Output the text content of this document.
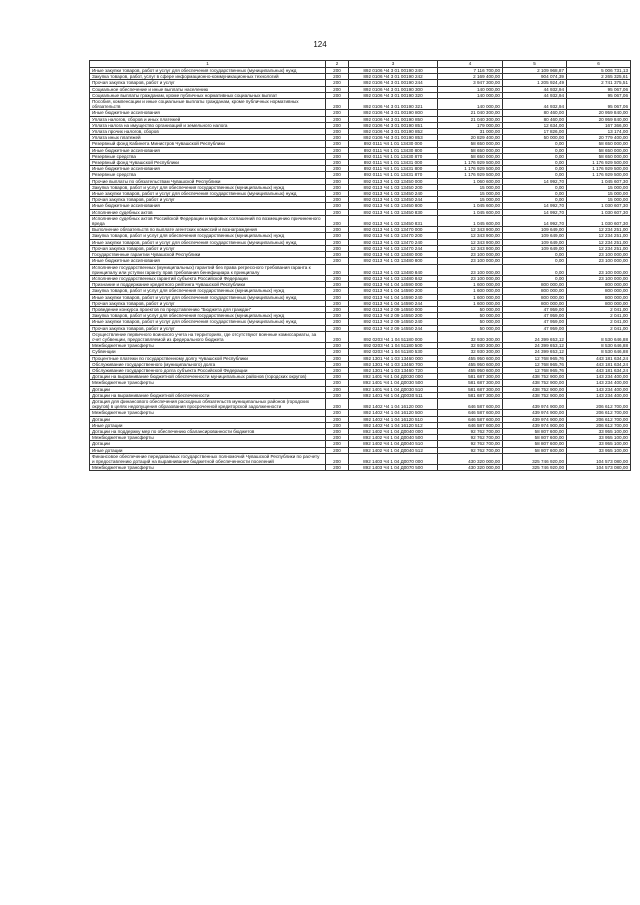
124
1	2	3	4	5	6
Иные закупки товаров, работ и услуг для обеспечения государственных (муниципальных) нужд	200	892 0106 Ч4 3 01 00190 240	7 116 700,00	2 109 968,87	5 006 731,13
Закупка товаров, работ, услуг в сфере информационно-коммуникационных технологий	200	892 0106 Ч4 3 01 00190 242	2 169 400,00	904 074,39	2 265 325,61
Прочая закупка товаров, работ и услуг	200	892 0106 Ч4 3 01 00190 244	3 947 300,00	1 205 924,49	2 741 375,51
Социальное обеспечение и иные выплаты населению	200	892 0106 Ч4 3 01 00190 300	140 000,00	44 932,94	95 067,06
Социальные выплаты гражданам, кроме публичных нормативных социальных выплат	200	892 0106 Ч4 3 01 00190 320	140 000,00	44 932,94	95 067,06
Пособия, компенсации и иные социальные выплаты гражданам, кроме публичных нормативных обязательств	200	892 0106 Ч4 3 01 00190 321	140 000,00	44 932,94	95 067,06
Иные бюджетные ассигнования	200	892 0106 Ч4 3 01 00190 800	21 040 300,00	80 460,00	20 959 840,00
Уплата налогов, сборов и иных платежей	200	892 0106 Ч4 3 01 00190 850	21 040 300,00	80 460,00	20 959 840,00
Уплата налога на имущество организаций и земельного налога	200	892 0106 Ч4 3 01 00190 851	179 000,00	12 634,00	167 366,00
Уплата прочих налогов, сборов	200	892 0106 Ч4 3 01 00190 852	31 000,00	17 826,00	13 174,00
Уплата иных платежей	200	892 0106 Ч4 3 01 00190 853	20 829 400,00	50 000,00	20 779 400,00
Резервный фонд Кабинета Министров Чувашской Республики	200	892 0111 Ч4 1 01 13430 000	58 650 000,00	0,00	58 650 000,00
Иные бюджетные ассигнования	200	892 0111 Ч4 1 01 13430 800	58 650 000,00	0,00	58 650 000,00
Резервные средства	200	892 0111 Ч4 1 01 13430 870	58 650 000,00	0,00	58 650 000,00
Резервный фонд Чувашской Республики	200	892 0111 Ч4 1 01 13431 000	1 176 929 500,00	0,00	1 176 929 500,00
Иные бюджетные ассигнования	200	892 0111 Ч4 1 01 13431 800	1 176 929 500,00	0,00	1 176 929 500,00
Резервные средства	200	892 0111 Ч4 1 01 13431 870	1 176 929 500,00	0,00	1 176 929 500,00
Прочие выплаты по обязательствам Чувашской Республики	200	892 0113 Ч4 1 03 13450 000	1 060 600,00	14 992,70	1 045 607,30
Закупка товаров, работ и услуг для обеспечения государственных (муниципальных) нужд	200	892 0113 Ч4 1 03 13450 200	15 000,00	0,00	15 000,00
Иные закупки товаров, работ и услуг для обеспечения государственных (муниципальных) нужд	200	892 0113 Ч4 1 03 13450 240	15 000,00	0,00	15 000,00
Прочая закупка товаров, работ и услуг	200	892 0113 Ч4 1 03 13450 244	15 000,00	0,00	15 000,00
Иные бюджетные ассигнования	200	892 0113 Ч4 1 03 13450 800	1 045 600,00	14 992,70	1 030 607,30
Исполнение судебных актов	200	892 0113 Ч4 1 03 13450 830	1 045 600,00	14 992,70	1 030 607,30
Исполнение судебных актов Российской Федерации и мировых соглашений по возмещению причиненного вреда	200	892 0113 Ч4 1 03 13450 831	1 045 600,00	14 992,70	1 030 607,30
Выполнение обязательств по выплате агентских комиссий и вознаграждения	200	892 0113 Ч4 1 03 13470 000	12 343 900,00	109 649,00	12 234 251,00
Закупка товаров, работ и услуг для обеспечения государственных (муниципальных) нужд	200	892 0113 Ч4 1 03 13470 200	12 343 900,00	109 649,00	12 234 251,00
Иные закупки товаров, работ и услуг для обеспечения государственных (муниципальных) нужд	200	892 0113 Ч4 1 03 13470 240	12 343 900,00	109 649,00	12 234 251,00
Прочая закупка товаров, работ и услуг	200	892 0113 Ч4 1 03 13470 244	12 343 900,00	109 649,00	12 234 251,00
Государственные гарантии Чувашской Республики	200	892 0113 Ч4 1 03 13480 000	23 100 000,00	0,00	23 100 000,00
Иные бюджетные ассигнования	200	892 0113 Ч4 1 03 13480 800	23 100 000,00	0,00	23 100 000,00
Исполнение государственных (муниципальных) гарантий без права регрессного требования гаранта к принципалу или уступки гаранту прав требования бенефициара к принципалу	200	892 0113 Ч4 1 03 13480 840	23 100 000,00	0,00	23 100 000,00
Исполнение государственных гарантий субъекта Российской Федерации	200	892 0113 Ч4 1 03 13480 842	23 100 000,00	0,00	23 100 000,00
Признание и поддержание кредитного рейтинга Чувашской Республики	200	892 0113 Ч4 1 04 14590 000	1 600 000,00	800 000,00	800 000,00
Закупка товаров, работ и услуг для обеспечения государственных (муниципальных) нужд	200	892 0113 Ч4 1 04 14590 200	1 600 000,00	800 000,00	800 000,00
Иные закупки товаров, работ и услуг для обеспечения государственных (муниципальных) нужд	200	892 0113 Ч4 1 04 14590 240	1 600 000,00	800 000,00	800 000,00
Прочая закупка товаров, работ и услуг	200	892 0113 Ч4 1 04 14590 244	1 600 000,00	800 000,00	800 000,00
Проведение конкурса проектов по представлению "Бюджета для граждан"	200	892 0113 Ч4 2 09 14550 000	50 000,00	47 959,00	2 041,00
Закупка товаров, работ и услуг для обеспечения государственных (муниципальных) нужд	200	892 0113 Ч4 2 09 14550 200	50 000,00	47 959,00	2 041,00
Иные закупки товаров, работ и услуг для обеспечения государственных (муниципальных) нужд	200	892 0113 Ч4 2 09 14550 240	50 000,00	47 959,00	2 041,00
Прочая закупка товаров, работ и услуг	200	892 0113 Ч4 2 09 14550 244	50 000,00	47 959,00	2 041,00
Осуществление первичного воинского учета на территориях, где отсутствуют военные комиссариаты, за счет субвенции, предоставляемой из федерального бюджета	200	892 0203 Ч4 1 04 51180 000	32 930 300,00	24 399 653,12	8 530 646,88
Межбюджетные трансферты	200	892 0203 Ч4 1 04 51180 500	32 930 300,00	24 399 653,12	8 530 646,88
Субвенции	200	892 0203 Ч4 1 04 51180 530	32 930 300,00	24 399 653,12	8 530 646,88
Процентные платежи по государственному долгу Чувашской Республики	200	892 1301 Ч4 1 03 13460 000	455 950 600,00	12 768 965,76	443 181 634,24
Обслуживание государственного (муниципального) долга	200	892 1301 Ч4 1 03 13460 700	455 950 600,00	12 768 965,76	443 181 634,24
Обслуживание государственного долга субъекта Российской Федерации	200	892 1301 Ч4 1 03 13460 720	455 950 600,00	12 768 965,76	443 181 634,24
Дотации на выравнивание бюджетной обеспеченности муниципальных районов (городских округов)	200	892 1401 Ч4 1 04 Д0030 000	581 687 300,00	438 752 900,00	143 234 400,00
Межбюджетные трансферты	200	892 1401 Ч4 1 04 Д0030 500	581 687 300,00	438 752 900,00	143 234 400,00
Дотации	200	892 1401 Ч4 1 04 Д0030 510	581 687 300,00	438 752 900,00	143 234 400,00
Дотации на выравнивание бюджетной обеспеченности	200	892 1401 Ч4 1 04 Д0030 511	581 687 300,00	438 752 900,00	143 234 400,00
Дотация для финансового обеспечения расходных обязательств муниципальных районов (городских округов) в целях недопущения образования просроченной кредиторской задолженности	200	892 1402 Ч4 1 04 16120 000	646 587 600,00	439 974 900,00	206 612 700,00
Межбюджетные трансферты	200	892 1402 Ч4 1 04 16120 500	646 587 600,00	439 974 900,00	206 612 700,00
Дотации	200	892 1402 Ч4 1 04 16120 510	646 587 600,00	439 974 900,00	206 612 700,00
Иные дотации	200	892 1402 Ч4 1 04 16120 512	646 587 600,00	439 974 900,00	206 612 700,00
Дотации на поддержку мер по обеспечению сбалансированности бюджетов	200	892 1402 Ч4 1 04 Д0040 000	92 762 700,00	58 807 600,00	33 955 100,00
Межбюджетные трансферты	200	892 1402 Ч4 1 04 Д0040 500	92 762 700,00	58 807 600,00	33 955 100,00
Дотации	200	892 1402 Ч4 1 04 Д0040 510	92 762 700,00	58 807 600,00	33 955 100,00
Иные дотации	200	892 1402 Ч4 1 04 Д0040 512	92 762 700,00	58 807 600,00	33 955 100,00
Финансовое обеспечение передаваемых государственных полномочий Чувашской Республики по расчету и предоставлению дотаций на выравнивание бюджетной обеспеченности поселений	200	892 1403 Ч4 1 04 Д0070 000	430 320 000,00	325 746 920,00	104 573 080,00
Межбюджетные трансферты	200	892 1403 Ч4 1 04 Д0070 500	430 320 000,00	325 746 920,00	104 573 080,00
